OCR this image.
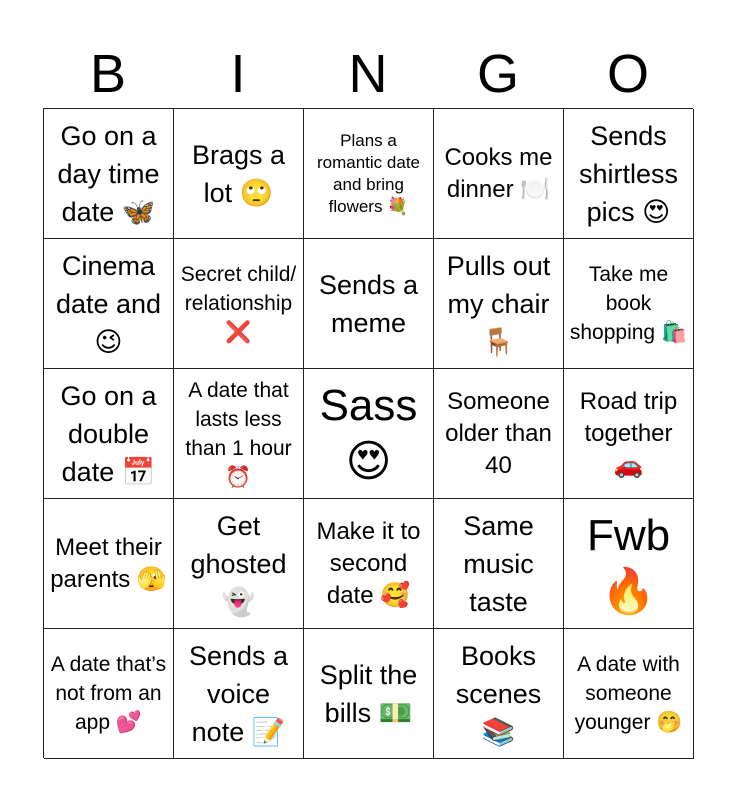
B	I	N	G	O
Go on a day time date 🦋
Brags a lot 🙄
Plans a romantic date and bring flowers 💐
Cooks me dinner 🍽️
Sends shirtless pics 😍
Cinema date and 😉
Secret child/ relationship ❌
Sends a meme
Pulls out my chair 🪑
Take me book shopping 🛍️
Go on a double date 📅
A date that lasts less than 1 hour ⏰
Sass 😍
Someone older than 40
Road trip together 🚗
Meet their parents 🫣
Get ghosted 👻
Make it to second date 🥰
Same music taste
Fwb 🔥
A date that’s not from an app 💕
Sends a voice note 📝
Split the bills 💵
Books scenes 📚
A date with someone younger 🤭
